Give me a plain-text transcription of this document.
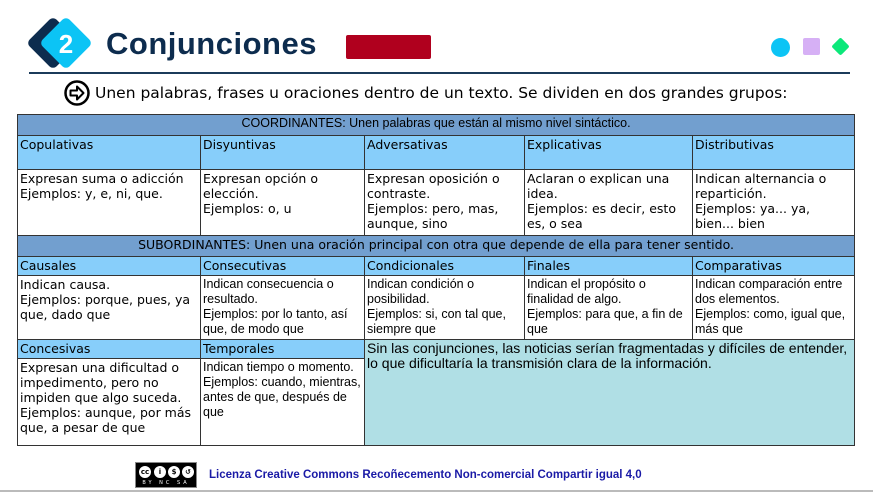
2	Conjunciones
Unen palabras, frases u oraciones dentro de un texto. Se dividen en dos grandes grupos:
COORDINANTES: Unen palabras que están al mismo nivel sintáctico.				
Copulativas	Disyuntivas	Adversativas	Explicativas	Distributivas

Expresan suma o adicción
Ejemplos: y, e, ni, que.

Expresan opción o elección.
Ejemplos: o, u

Expresan oposición o contraste.
Ejemplos: pero, mas, aunque, sino

Aclaran o explican una idea.
Ejemplos: es decir, esto es, o sea

Indican alternancia o repartición.
Ejemplos: ya... ya, bien... bien

SUBORDINANTES: Unen una oración principal con otra que depende de ella para tener sentido.				
Causales	Consecutivas	Condicionales	Finales	Comparativas

Indican causa.
Ejemplos: porque, pues, ya que, dado que

Indican consecuencia o resultado.
Ejemplos: por lo tanto, así que, de modo que

Indican condición o posibilidad.
Ejemplos: si, con tal que, siempre que

Indican el propósito o finalidad de algo.
Ejemplos: para que, a fin de que

Indican comparación entre dos elementos.
Ejemplos: como, igual que, más que

Concesivas	Temporales	Sin las conjunciones, las noticias serían fragmentadas y difíciles de entender, lo que dificultaría la transmisión clara de la información.		

Expresan una dificultad o impedimento, pero no impiden que algo suceda.
Ejemplos: aunque, por más que, a pesar de que

Indican tiempo o momento.
Ejemplos: cuando, mientras, antes de que, después de que
cc	i	$	↺
BY NC SA
Licenza Creative Commons Recoñecemento Non-comercial Compartir igual 4,0
